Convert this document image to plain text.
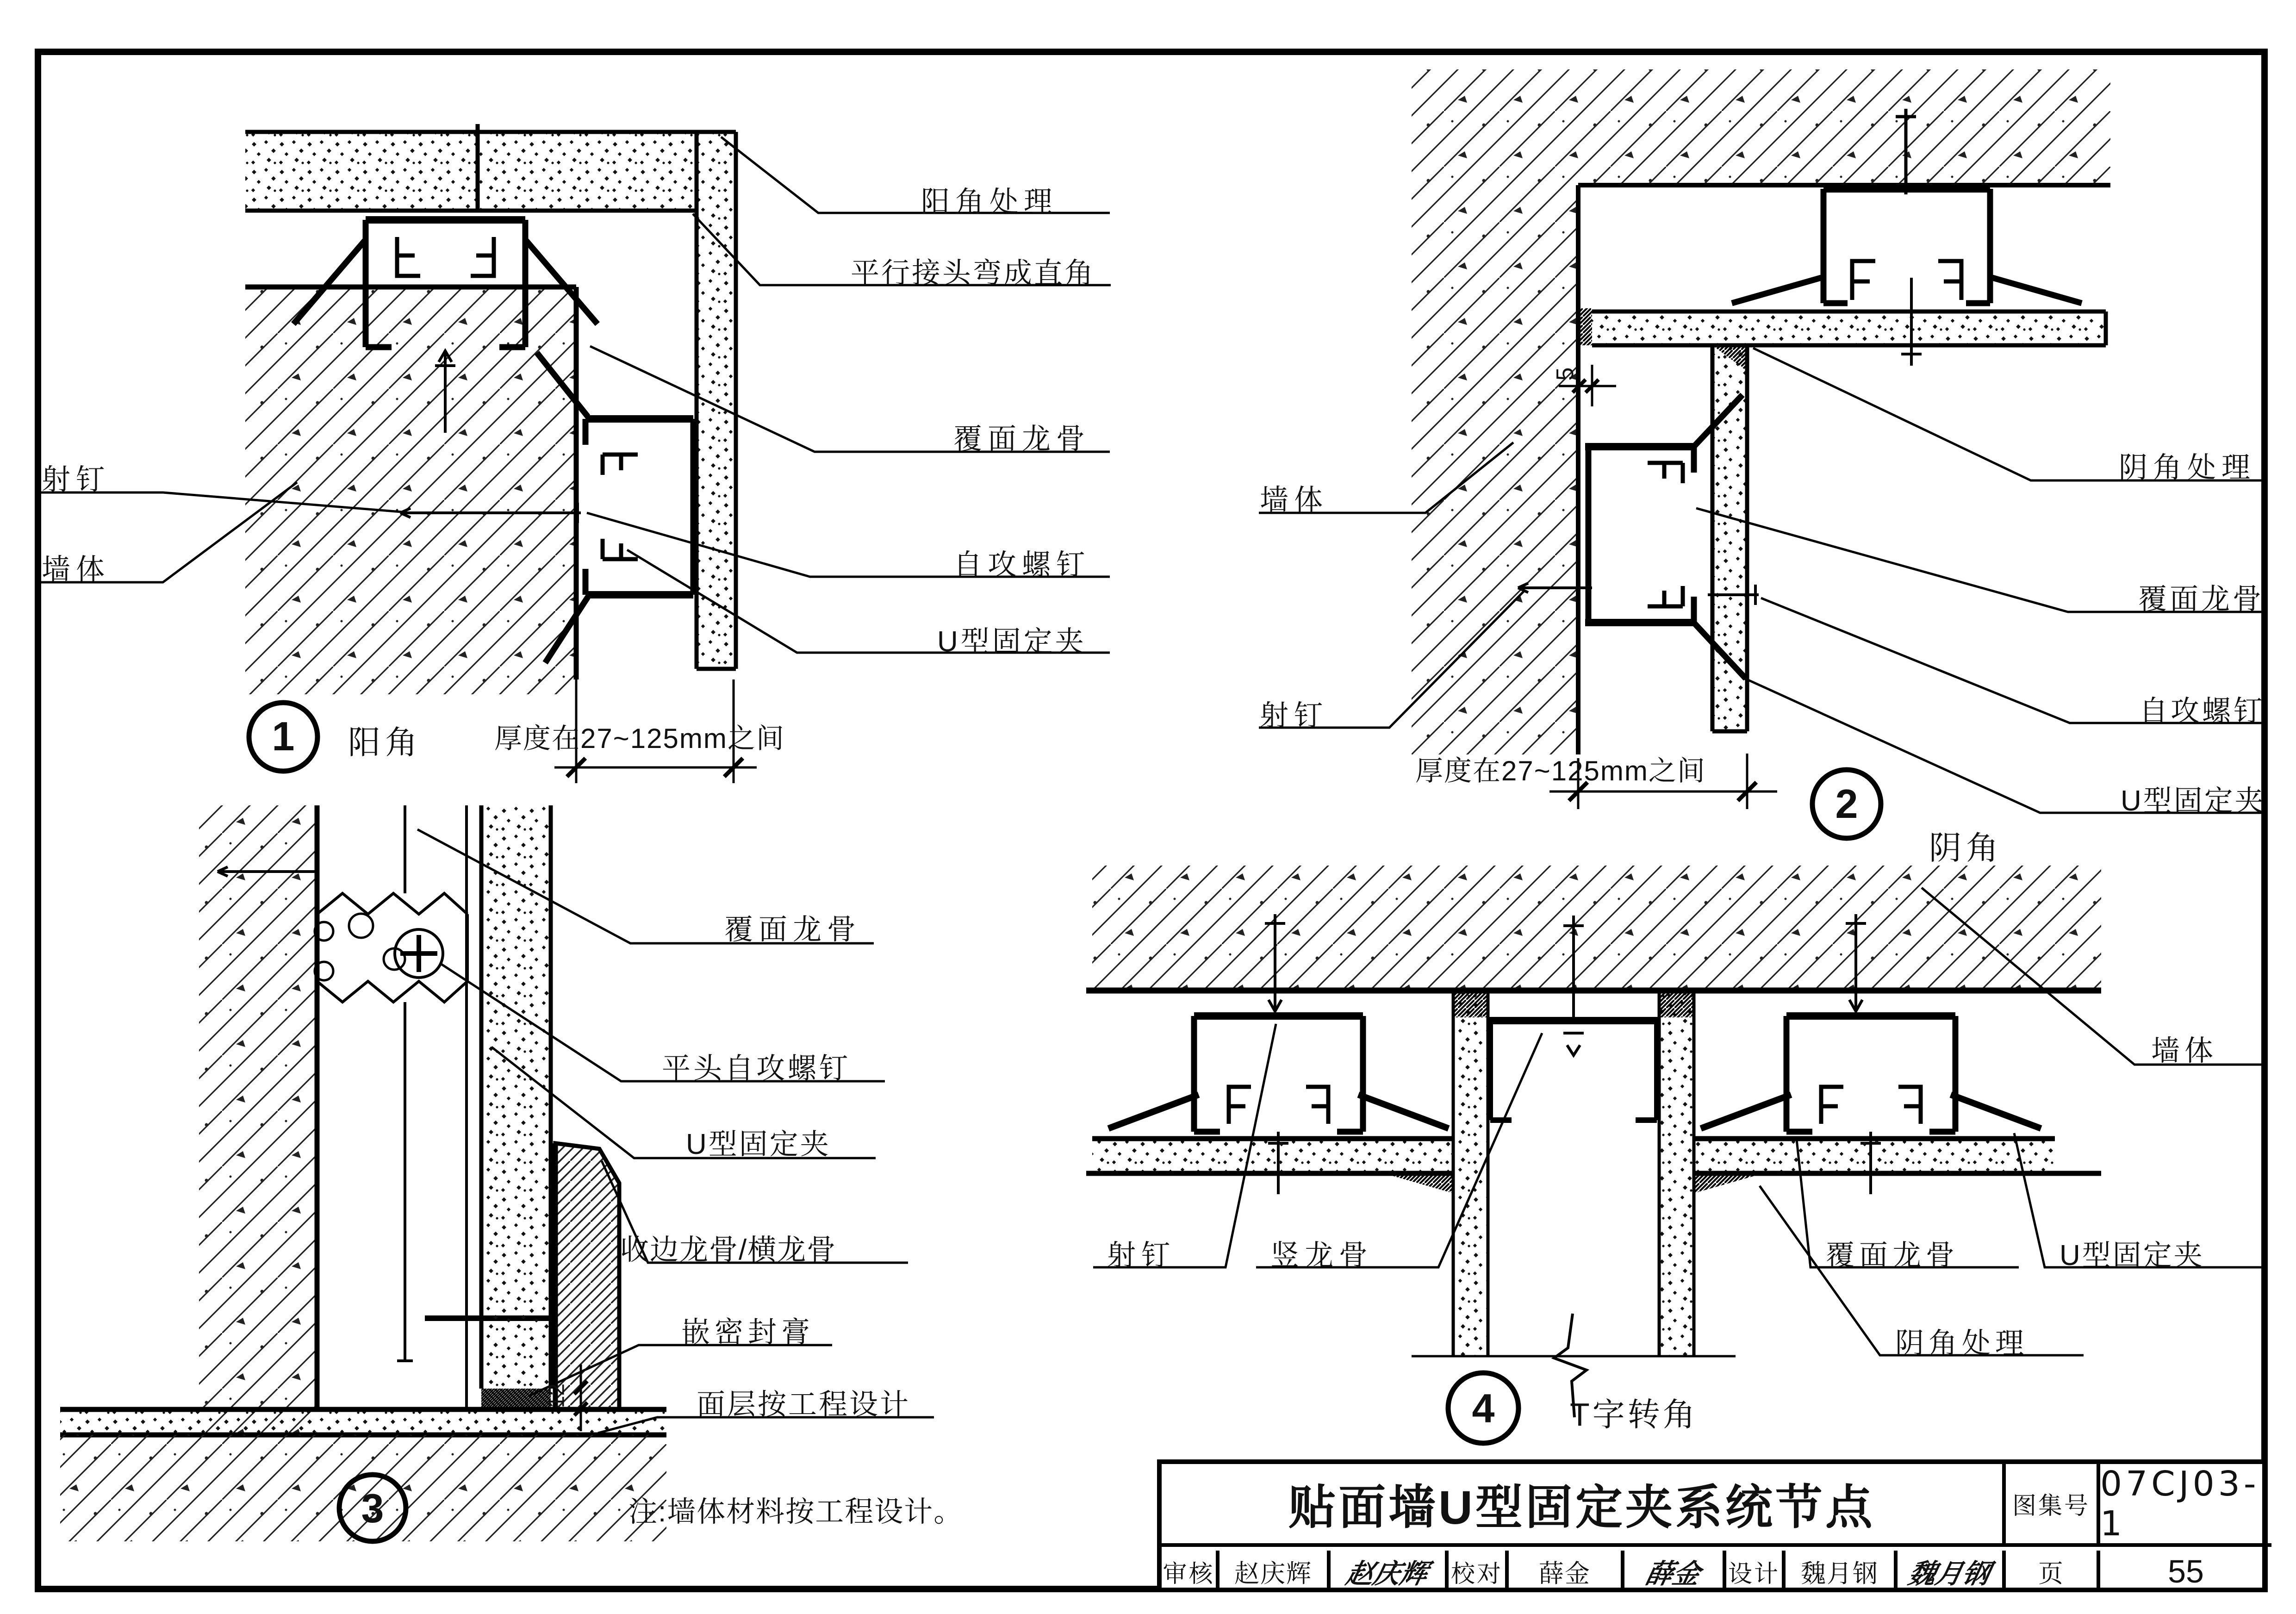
阳角处理
平行接头弯成直角
覆面龙骨
自攻螺钉
U型固定夹
射钉
墙体
厚度在27~125mm之间
1	阳角
墙体
射钉
阴角处理
覆面龙骨
自攻螺钉
U型固定夹
5
厚度在27~125mm之间
2
阴角
覆面龙骨
平头自攻螺钉
U型固定夹
收边龙骨/横龙骨
嵌密封膏
面层按工程设计
12
3	注:墙体材料按工程设计。
射钉	竖龙骨	覆面龙骨	U型固定夹
阴角处理
墙体
4	T字转角
贴面墙U型固定夹系统节点	图集号
07CJ03-1
审核 赵庆辉	赵庆辉 校对	薛金	薛金 设计 魏月钢	魏月钢	页	55
